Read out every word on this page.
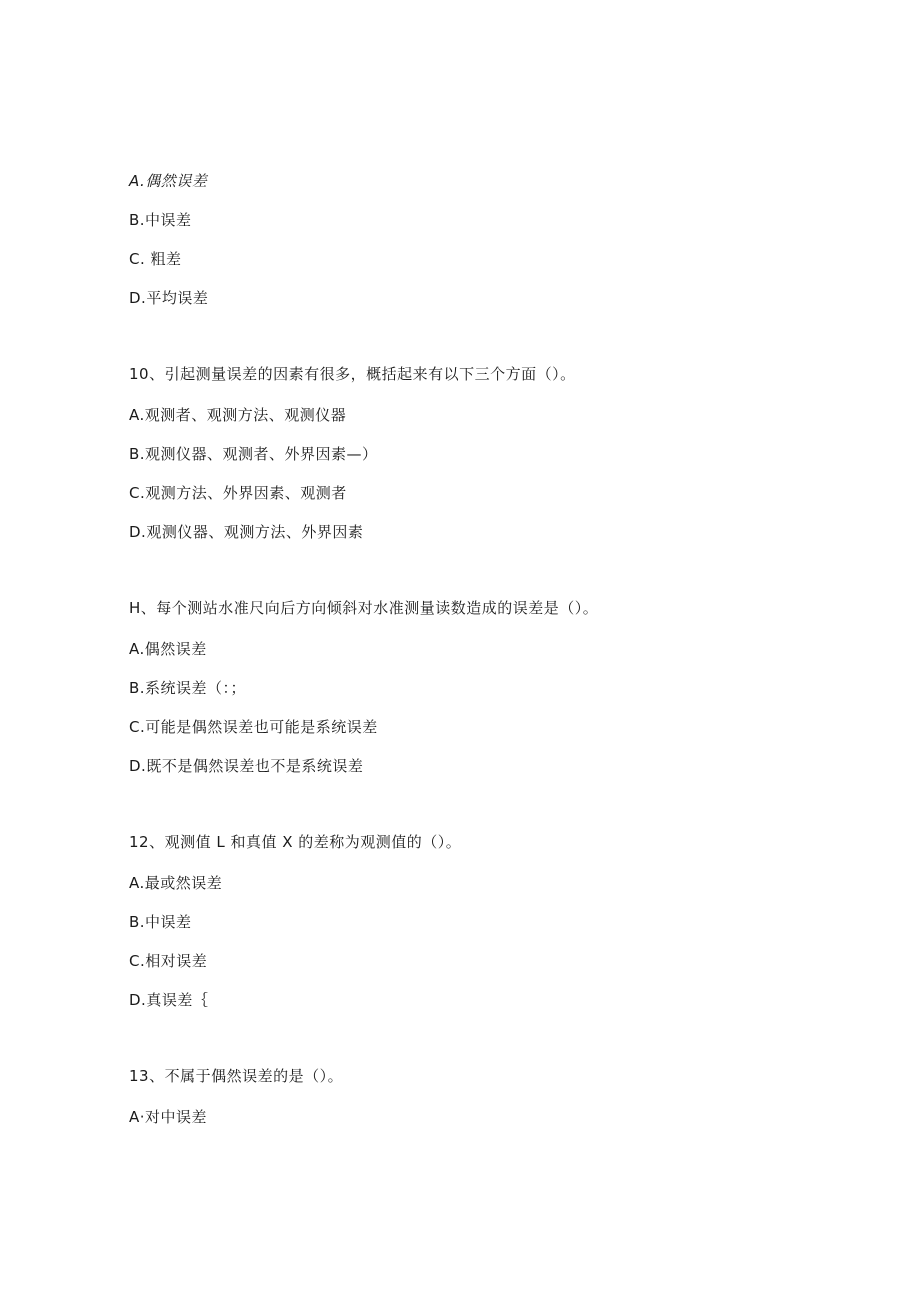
A.偶然误差
B.中误差
C. 粗差
D.平均误差
10、引起测量误差的因素有很多，概括起来有以下三个方面（）。
A.观测者、观测方法、观测仪器
B.观测仪器、观测者、外界因素—）
C.观测方法、外界因素、观测者
D.观测仪器、观测方法、外界因素
H、每个测站水准尺向后方向倾斜对水准测量读数造成的误差是（）。
A.偶然误差
B.系统误差（：；
C.可能是偶然误差也可能是系统误差
D.既不是偶然误差也不是系统误差
12、观测值 L 和真值 X 的差称为观测值的（）。
A.最或然误差
B.中误差
C.相对误差
D.真误差｛
13、不属于偶然误差的是（）。
A·对中误差
